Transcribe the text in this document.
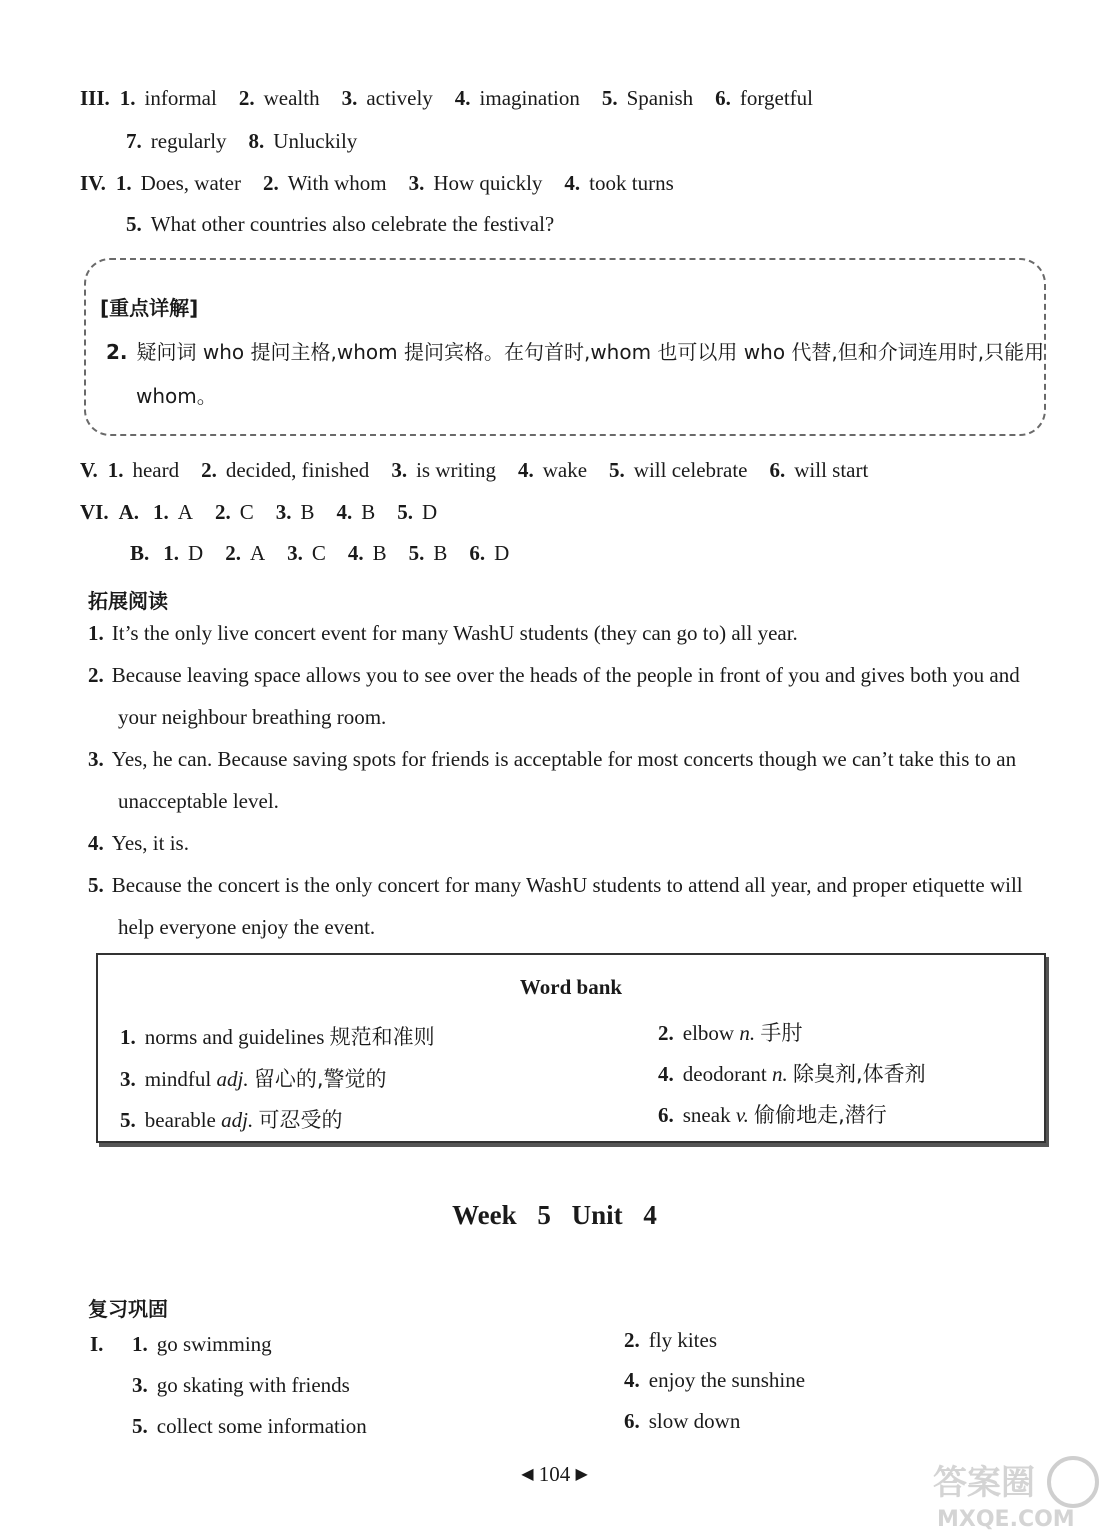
III. 1. informal 2. wealth 3. actively 4. imagination 5. Spanish 6. forgetful
7. regularly 8. Unluckily
IV. 1. Does, water 2. With whom 3. How quickly 4. took turns
5. What other countries also celebrate the festival?
[重点详解]
2. 疑问词 who 提问主格,whom 提问宾格。在句首时,whom 也可以用 who 代替,但和介词连用时,只能用 whom。
V. 1. heard 2. decided, finished 3. is writing 4. wake 5. will celebrate 6. will start
VI. A. 1. A 2. C 3. B 4. B 5. D
B. 1. D 2. A 3. C 4. B 5. B 6. D
拓展阅读
1. It’s the only live concert event for many WashU students (they can go to) all year.
2. Because leaving space allows you to see over the heads of the people in front of you and gives both you and your neighbour breathing room.
3. Yes, he can. Because saving spots for friends is acceptable for most concerts though we can’t take this to an unacceptable level.
4. Yes, it is.
5. Because the concert is the only concert for many WashU students to attend all year, and proper etiquette will help everyone enjoy the event.
Word bank
1. norms and guidelines 规范和准则	2. elbow n. 手肘
3. mindful adj. 留心的,警觉的	4. deodorant n. 除臭剂,体香剂
5. bearable adj. 可忍受的	6. sneak v. 偷偷地走,潜行
Week 5 Unit 4
复习巩固
I. 1. go swimming	2. fly kites
3. go skating with friends	4. enjoy the sunshine
5. collect some information	6. slow down
◀ 104 ▶	答案圈
MXQE.COM
